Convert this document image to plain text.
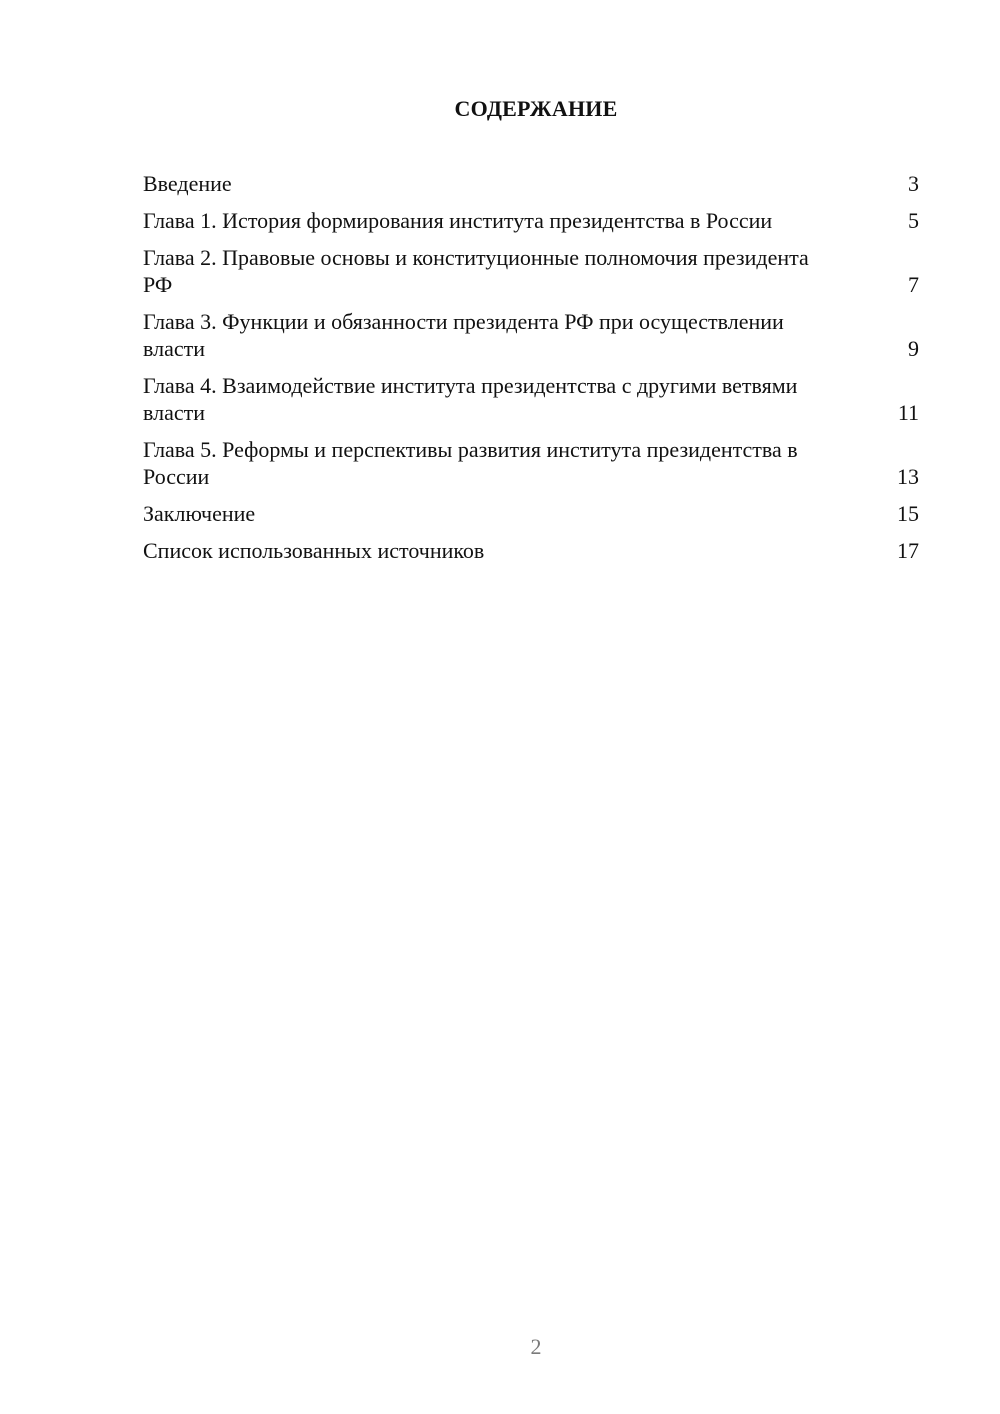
СОДЕРЖАНИЕ
Введение	3
Глава 1. История формирования института президентства в России	5
Глава 2. Правовые основы и конституционные полномочия президента РФ	7
Глава 3. Функции и обязанности президента РФ при осуществлении власти	9
Глава 4. Взаимодействие института президентства с другими ветвями власти	11
Глава 5. Реформы и перспективы развития института президентства в России	13
Заключение	15
Список использованных источников	17
2
